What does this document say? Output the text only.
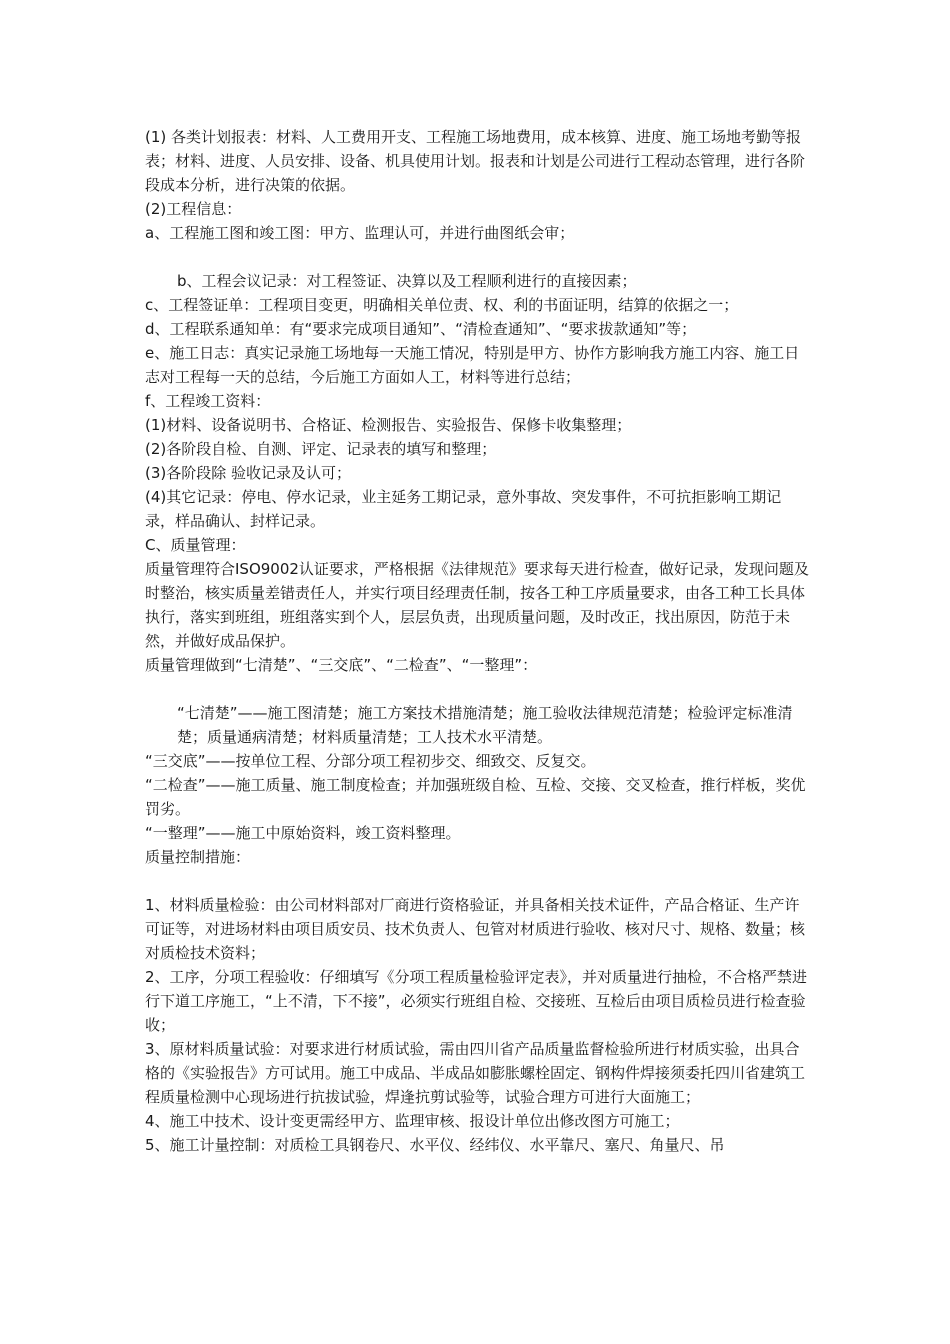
(1) 各类计划报表：材料、人工费用开支、工程施工场地费用，成本核算、进度、施工场地考勤等报表；材料、进度、人员安排、设备、机具使用计划。报表和计划是公司进行工程动态管理，进行各阶段成本分析，进行决策的依据。

(2)工程信息：

a、工程施工图和竣工图：甲方、监理认可，并进行曲图纸会审；

b、工程会议记录：对工程签证、决算以及工程顺利进行的直接因素；

c、工程签证单：工程项目变更，明确相关单位责、权、利的书面证明，结算的依据之一；

d、工程联系通知单：有“要求完成项目通知”、“清检查通知”、“要求拔款通知”等；

e、施工日志：真实记录施工场地每一天施工情况，特别是甲方、协作方影响我方施工内容、施工日志对工程每一天的总结，今后施工方面如人工，材料等进行总结；

f、工程竣工资料：

(1)材料、设备说明书、合格证、检测报告、实验报告、保修卡收集整理；

(2)各阶段自检、自测、评定、记录表的填写和整理；

(3)各阶段除 验收记录及认可；

(4)其它记录：停电、停水记录，业主延务工期记录，意外事故、突发事件，不可抗拒影响工期记录，样品确认、封样记录。

C、质量管理：

质量管理符合ISO9002认证要求，严格根据《法律规范》要求每天进行检查，做好记录，发现问题及时整治，核实质量差错责任人，并实行项目经理责任制，按各工种工序质量要求，由各工种工长具体执行，落实到班组，班组落实到个人，层层负责，出现质量问题，及时改正，找出原因，防范于未然，并做好成品保护。

质量管理做到“七清楚”、“三交底”、“二检查”、“一整理”：

“七清楚”——施工图清楚；施工方案技术措施清楚；施工验收法律规范清楚；检验评定标准清楚；质量通病清楚；材料质量清楚；工人技术水平清楚。

“三交底”——按单位工程、分部分项工程初步交、细致交、反复交。

“二检查”——施工质量、施工制度检查；并加强班级自检、互检、交接、交叉检查，推行样板，奖优罚劣。

“一整理”——施工中原始资料，竣工资料整理。

质量控制措施：

1、材料质量检验：由公司材料部对厂商进行资格验证，并具备相关技术证件，产品合格证、生产许可证等，对进场材料由项目质安员、技术负责人、包管对材质进行验收、核对尺寸、规格、数量；核对质检技术资料；

2、工序，分项工程验收：仔细填写《分项工程质量检验评定表》，并对质量进行抽检，不合格严禁进行下道工序施工，“上不清，下不接”，必须实行班组自检、交接班、互检后由项目质检员进行检查验收；

3、原材料质量试验：对要求进行材质试验，需由四川省产品质量监督检验所进行材质实验，出具合格的《实验报告》方可试用。施工中成品、半成品如膨胀螺栓固定、钢构件焊接须委托四川省建筑工程质量检测中心现场进行抗拔试验，焊逢抗剪试验等，试验合理方可进行大面施工；

4、施工中技术、设计变更需经甲方、监理审核、报设计单位出修改图方可施工；

5、施工计量控制：对质检工具钢卷尺、水平仪、经纬仪、水平靠尺、塞尺、角量尺、吊
